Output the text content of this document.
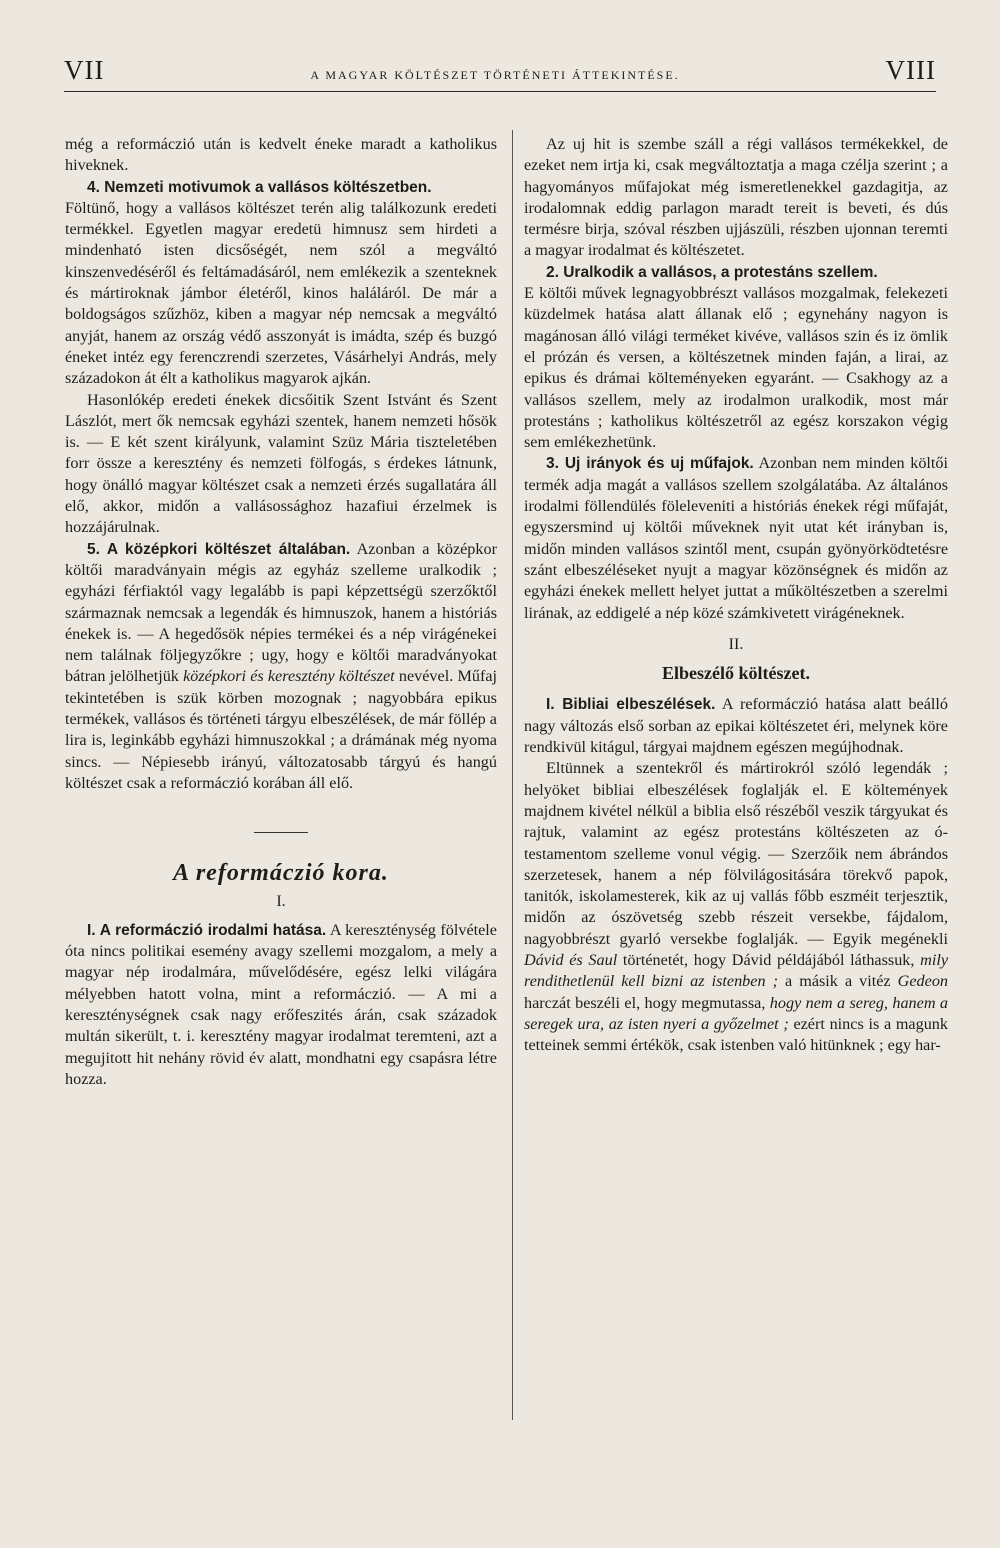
VII	A MAGYAR KÖLTÉSZET TÖRTÉNETI ÁTTEKINTÉSE.	VIII

még a reformáczió után is kedvelt éneke maradt a katholikus hiveknek.

4. Nemzeti motivumok a vallásos költészetben.

Föltünő, hogy a vallásos költészet terén alig találkozunk eredeti termékkel. Egyetlen magyar eredetü himnusz sem hirdeti a mindenható isten dicsőségét, nem szól a megváltó kinszenvedéséről és feltámadásáról, nem emlékezik a szenteknek és mártiroknak jámbor életéről, kinos haláláról. De már a boldogságos szűzhöz, kiben a magyar nép nemcsak a megváltó anyját, hanem az ország védő asszonyát is imádta, szép és buzgó éneket intéz egy ferenczrendi szerzetes, Vásárhelyi András, mely századokon át élt a katholikus magyarok ajkán.

Hasonlókép eredeti énekek dicsőitik Szent Istvánt és Szent Lászlót, mert ők nemcsak egyházi szentek, hanem nemzeti hősök is. — E két szent királyunk, valamint Szüz Mária tiszteletében forr össze a keresztény és nemzeti fölfogás, s érdekes látnunk, hogy önálló magyar költészet csak a nemzeti érzés sugallatára áll elő, akkor, midőn a vallásossághoz hazafiui érzelmek is hozzájárulnak.

5. A középkori költészet általában. Azonban a középkor költői maradványain mégis az egyház szelleme uralkodik ; egyházi férfiaktól vagy legalább is papi képzettségü szerzőktől származnak nemcsak a legendák és himnuszok, hanem a históriás énekek is. — A hegedősök népies termékei és a nép virágénekei nem találnak följegyzőkre ; ugy, hogy e költői maradványokat bátran jelölhetjük középkori és keresztény költészet nevével. Műfaj tekintetében is szük körben mozognak ; nagyobbára epikus termékek, vallásos és történeti tárgyu elbeszélések, de már föllép a lira is, leginkább egyházi himnuszokkal ; a drámának még nyoma sincs. — Népiesebb irányú, változatosabb tárgyú és hangú költészet csak a reformáczió korában áll elő.

A reformáczió kora.
I.

I. A reformáczió irodalmi hatása. A kereszténység fölvétele óta nincs politikai esemény avagy szellemi mozgalom, a mely a magyar nép irodalmára, művelődésére, egész lelki világára mélyebben hatott volna, mint a reformáczió. — A mi a kereszténységnek csak nagy erőfeszités árán, csak századok multán sikerült, t. i. keresztény magyar irodalmat teremteni, azt a megujitott hit nehány rövid év alatt, mondhatni egy csapásra létre hozza.

Az uj hit is szembe száll a régi vallásos termékekkel, de ezeket nem irtja ki, csak megváltoztatja a maga czélja szerint ; a hagyományos műfajokat még ismeretlenekkel gazdagitja, az irodalomnak eddig parlagon maradt tereit is beveti, és dús termésre birja, szóval részben ujjászüli, részben ujonnan teremti a magyar irodalmat és költészetet.

2. Uralkodik a vallásos, a protestáns szellem.

E költői művek legnagyobbrészt vallásos mozgalmak, felekezeti küzdelmek hatása alatt állanak elő ; egynehány nagyon is magánosan álló világi terméket kivéve, vallásos szin és iz ömlik el prózán és versen, a költészetnek minden faján, a lirai, az epikus és drámai költeményeken egyaránt. — Csakhogy az a vallásos szellem, mely az irodalmon uralkodik, most már protestáns ; katholikus költészetről az egész korszakon végig sem emlékezhetünk.

3. Uj irányok és uj műfajok. Azonban nem minden költői termék adja magát a vallásos szellem szolgálatába. Az általános irodalmi föllendülés föleleveniti a históriás énekek régi műfaját, egyszersmind uj költői műveknek nyit utat két irányban is, midőn minden vallásos szintől ment, csupán gyönyörködtetésre szánt elbeszéléseket nyujt a magyar közönségnek és midőn az egyházi énekek mellett helyet juttat a műköltészetben a szerelmi lirának, az eddigelé a nép közé számkivetett virágéneknek.

II.
Elbeszélő költészet.

I. Bibliai elbeszélések. A reformáczió hatása alatt beálló nagy változás első sorban az epikai költészetet éri, melynek köre rendkivül kitágul, tárgyai majdnem egészen megújhodnak.

Eltünnek a szentekről és mártirokról szóló legendák ; helyöket bibliai elbeszélések foglalják el. E költemények majdnem kivétel nélkül a biblia első részéből veszik tárgyukat és rajtuk, valamint az egész protestáns költészeten az ó-testamentom szelleme vonul végig. — Szerzőik nem ábrándos szerzetesek, hanem a nép fölvilágositására törekvő papok, tanitók, iskolamesterek, kik az uj vallás főbb eszméit terjesztik, midőn az ószövetség szebb részeit versekbe, fájdalom, nagyobbrészt gyarló versekbe foglalják. — Egyik megénekli Dávid és Saul történetét, hogy Dávid példájából láthassuk, mily rendithetlenül kell bizni az istenben ; a másik a vitéz Gedeon harczát beszéli el, hogy megmutassa, hogy nem a sereg, hanem a seregek ura, az isten nyeri a győzelmet ; ezért nincs is a magunk tetteinek semmi értékök, csak istenben való hitünknek ; egy har-
